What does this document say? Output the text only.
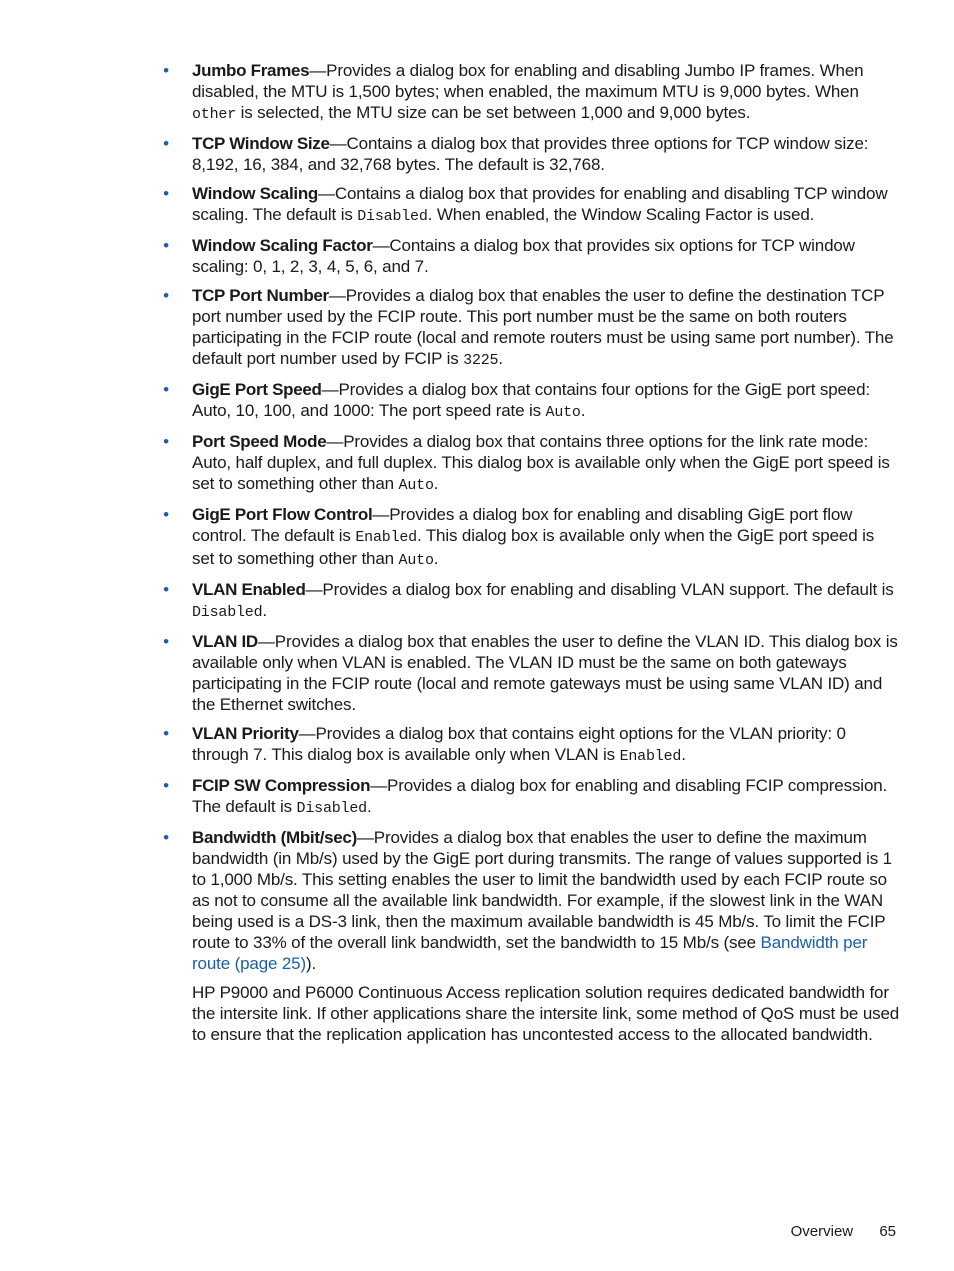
• Jumbo Frames—Provides a dialog box for enabling and disabling Jumbo IP frames. When disabled, the MTU is 1,500 bytes; when enabled, the maximum MTU is 9,000 bytes. When other is selected, the MTU size can be set between 1,000 and 9,000 bytes.
• TCP Window Size—Contains a dialog box that provides three options for TCP window size: 8,192, 16, 384, and 32,768 bytes. The default is 32,768.
• Window Scaling—Contains a dialog box that provides for enabling and disabling TCP window scaling. The default is Disabled. When enabled, the Window Scaling Factor is used.
• Window Scaling Factor—Contains a dialog box that provides six options for TCP window scaling: 0, 1, 2, 3, 4, 5, 6, and 7.
• TCP Port Number—Provides a dialog box that enables the user to define the destination TCP port number used by the FCIP route. This port number must be the same on both routers participating in the FCIP route (local and remote routers must be using same port number). The default port number used by FCIP is 3225.
• GigE Port Speed—Provides a dialog box that contains four options for the GigE port speed: Auto, 10, 100, and 1000: The port speed rate is Auto.
• Port Speed Mode—Provides a dialog box that contains three options for the link rate mode: Auto, half duplex, and full duplex. This dialog box is available only when the GigE port speed is set to something other than Auto.
• GigE Port Flow Control—Provides a dialog box for enabling and disabling GigE port flow control. The default is Enabled. This dialog box is available only when the GigE port speed is set to something other than Auto.
• VLAN Enabled—Provides a dialog box for enabling and disabling VLAN support. The default is Disabled.
• VLAN ID—Provides a dialog box that enables the user to define the VLAN ID. This dialog box is available only when VLAN is enabled. The VLAN ID must be the same on both gateways participating in the FCIP route (local and remote gateways must be using same VLAN ID) and the Ethernet switches.
• VLAN Priority—Provides a dialog box that contains eight options for the VLAN priority: 0 through 7. This dialog box is available only when VLAN is Enabled.
• FCIP SW Compression—Provides a dialog box for enabling and disabling FCIP compression. The default is Disabled.
• Bandwidth (Mbit/sec)—Provides a dialog box that enables the user to define the maximum bandwidth (in Mb/s) used by the GigE port during transmits. The range of values supported is 1 to 1,000 Mb/s. This setting enables the user to limit the bandwidth used by each FCIP route so as not to consume all the available link bandwidth. For example, if the slowest link in the WAN being used is a DS-3 link, then the maximum available bandwidth is 45 Mb/s. To limit the FCIP route to 33% of the overall link bandwidth, set the bandwidth to 15 Mb/s (see Bandwidth per route (page 25)).

HP P9000 and P6000 Continuous Access replication solution requires dedicated bandwidth for the intersite link. If other applications share the intersite link, some method of QoS must be used to ensure that the replication application has uncontested access to the allocated bandwidth.

Overview 65
